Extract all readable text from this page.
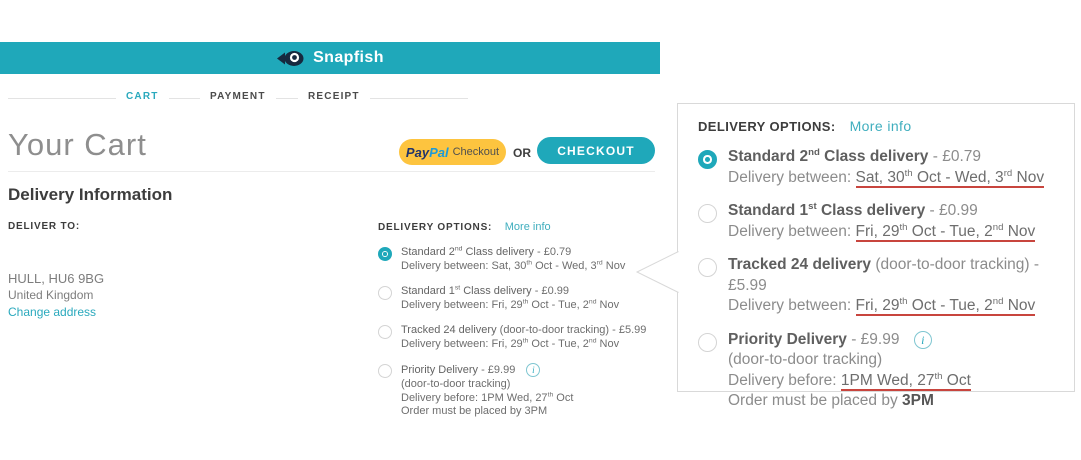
Snapfish
CART	PAYMENT	RECEIPT
Your Cart	Pay Pal Checkout OR	CHECKOUT
Delivery Information
DELIVER TO:
HULL, HU6 9BG
United Kingdom
Change address
DELIVERY OPTIONS: More info
Standard 2nd Class delivery - £0.79
Delivery between: Sat, 30th Oct - Wed, 3rd Nov
Standard 1st Class delivery - £0.99
Delivery between: Fri, 29th Oct - Tue, 2nd Nov
Tracked 24 delivery (door-to-door tracking) - £5.99
Delivery between: Fri, 29th Oct - Tue, 2nd Nov
Priority Delivery - £9.99 i
(door-to-door tracking)
Delivery before: 1PM Wed, 27th Oct
Order must be placed by 3PM
DELIVERY OPTIONS: More info
Standard 2nd Class delivery - £0.79
Delivery between: Sat, 30th Oct - Wed, 3rd Nov
Standard 1st Class delivery - £0.99
Delivery between: Fri, 29th Oct - Tue, 2nd Nov
Tracked 24 delivery (door-to-door tracking) - £5.99
Delivery between: Fri, 29th Oct - Tue, 2nd Nov
Priority Delivery - £9.99 i
(door-to-door tracking)
Delivery before: 1PM Wed, 27th Oct
Order must be placed by 3PM
